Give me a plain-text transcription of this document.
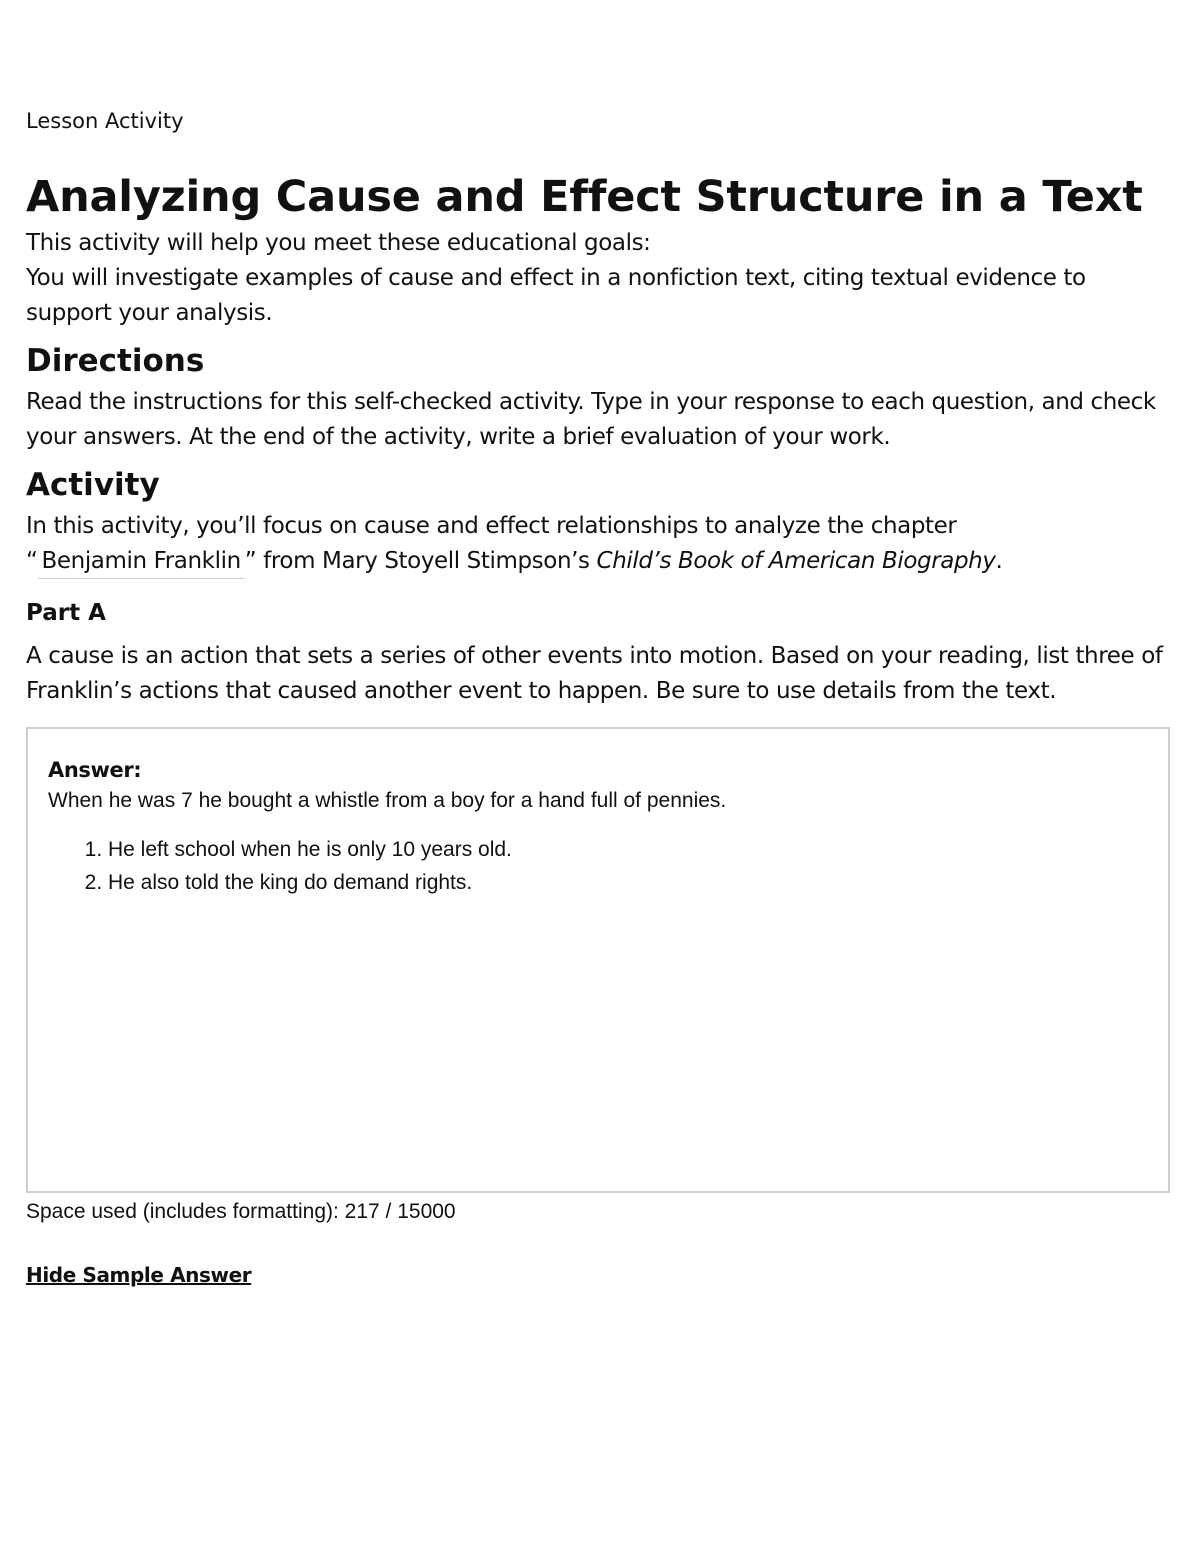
Lesson Activity

Analyzing Cause and Effect Structure in a Text

This activity will help you meet these educational goals:

You will investigate examples of cause and effect in a nonfiction text, citing textual evidence to support your analysis.

Directions

Read the instructions for this self-checked activity. Type in your response to each question, and check your answers. At the end of the activity, write a brief evaluation of your work.

Activity

In this activity, you’ll focus on cause and effect relationships to analyze the chapter
“ Benjamin Franklin ” from Mary Stoyell Stimpson’s Child’s Book of American Biography.

Part A

A cause is an action that sets a series of other events into motion. Based on your reading, list three of Franklin’s actions that caused another event to happen. Be sure to use details from the text.

Answer:

When he was 7 he bought a whistle from a boy for a hand full of pennies.

1. He left school when he is only 10 years old.
2. He also told the king do demand rights.

Space used (includes formatting): 217 / 15000

Hide Sample Answer
